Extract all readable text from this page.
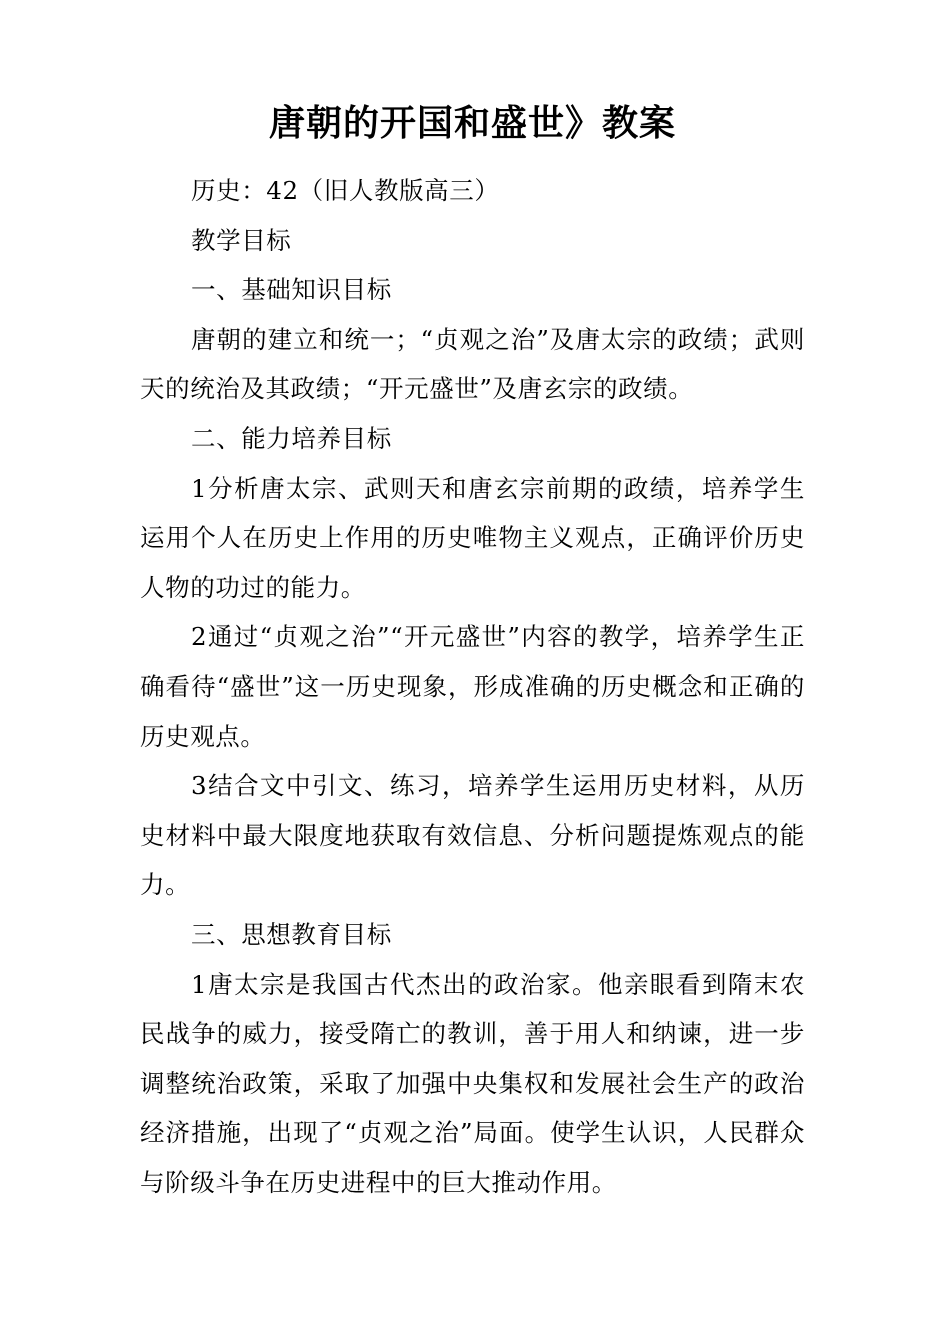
唐朝的开国和盛世》教案

历史：42（旧人教版高三）

教学目标

一、基础知识目标

唐朝的建立和统一；“贞观之治”及唐太宗的政绩；武则天的统治及其政绩；“开元盛世”及唐玄宗的政绩。

二、能力培养目标

1分析唐太宗、武则天和唐玄宗前期的政绩，培养学生运用个人在历史上作用的历史唯物主义观点，正确评价历史人物的功过的能力。

2通过“贞观之治”“开元盛世”内容的教学，培养学生正确看待“盛世”这一历史现象，形成准确的历史概念和正确的历史观点。

3结合文中引文、练习，培养学生运用历史材料，从历史材料中最大限度地获取有效信息、分析问题提炼观点的能力。

三、思想教育目标

1唐太宗是我国古代杰出的政治家。他亲眼看到隋末农民战争的威力，接受隋亡的教训，善于用人和纳谏，进一步调整统治政策，采取了加强中央集权和发展社会生产的政治经济措施，出现了“贞观之治”局面。使学生认识，人民群众与阶级斗争在历史进程中的巨大推动作用。
